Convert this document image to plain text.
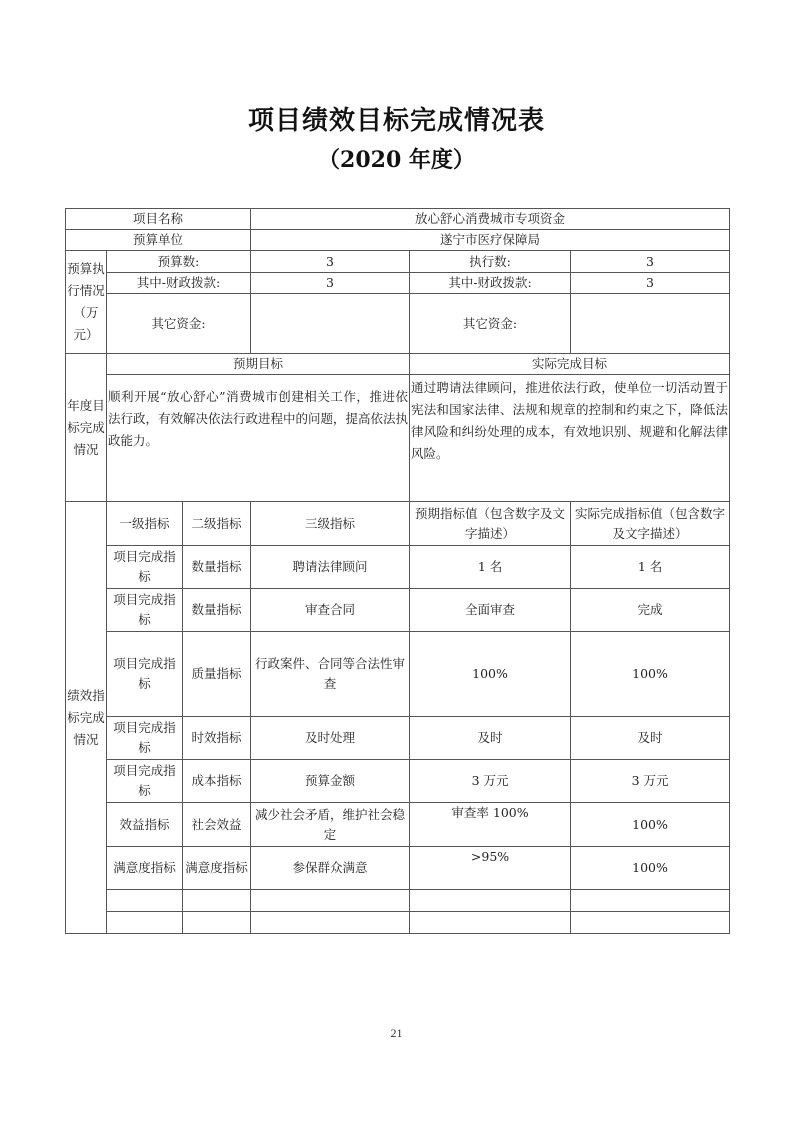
项目绩效目标完成情况表
（2020 年度）
项目名称			放心舒心消费城市专项资金		
预算单位			遂宁市医疗保障局		
预算执行情况（万元）	预算数:		3	执行数:	3
	其中-财政拨款:		3	其中-财政拨款:	3
	其它资金:			其它资金:	
年度目标完成情况	预期目标			实际完成目标	
	顺利开展“放心舒心”消费城市创建相关工作，推进依法行政，有效解决依法行政进程中的问题，提高依法执政能力。			通过聘请法律顾问，推进依法行政，使单位一切活动置于宪法和国家法律、法规和规章的控制和约束之下，降低法律风险和纠纷处理的成本，有效地识别、规避和化解法律风险。	
绩效指标完成情况	一级指标	二级指标	三级指标	预期指标值（包含数字及文字描述）	实际完成指标值（包含数字及文字描述）
	项目完成指标	数量指标	聘请法律顾问	1 名	1 名
	项目完成指标	数量指标	审查合同	全面审查	完成
	项目完成指标	质量指标	行政案件、合同等合法性审查	100%	100%
	项目完成指标	时效指标	及时处理	及时	及时
	项目完成指标	成本指标	预算金额	3 万元	3 万元
	效益指标	社会效益	减少社会矛盾，维护社会稳定	审查率 100%	100%
	满意度指标	满意度指标	参保群众满意	>95%	100%

21
